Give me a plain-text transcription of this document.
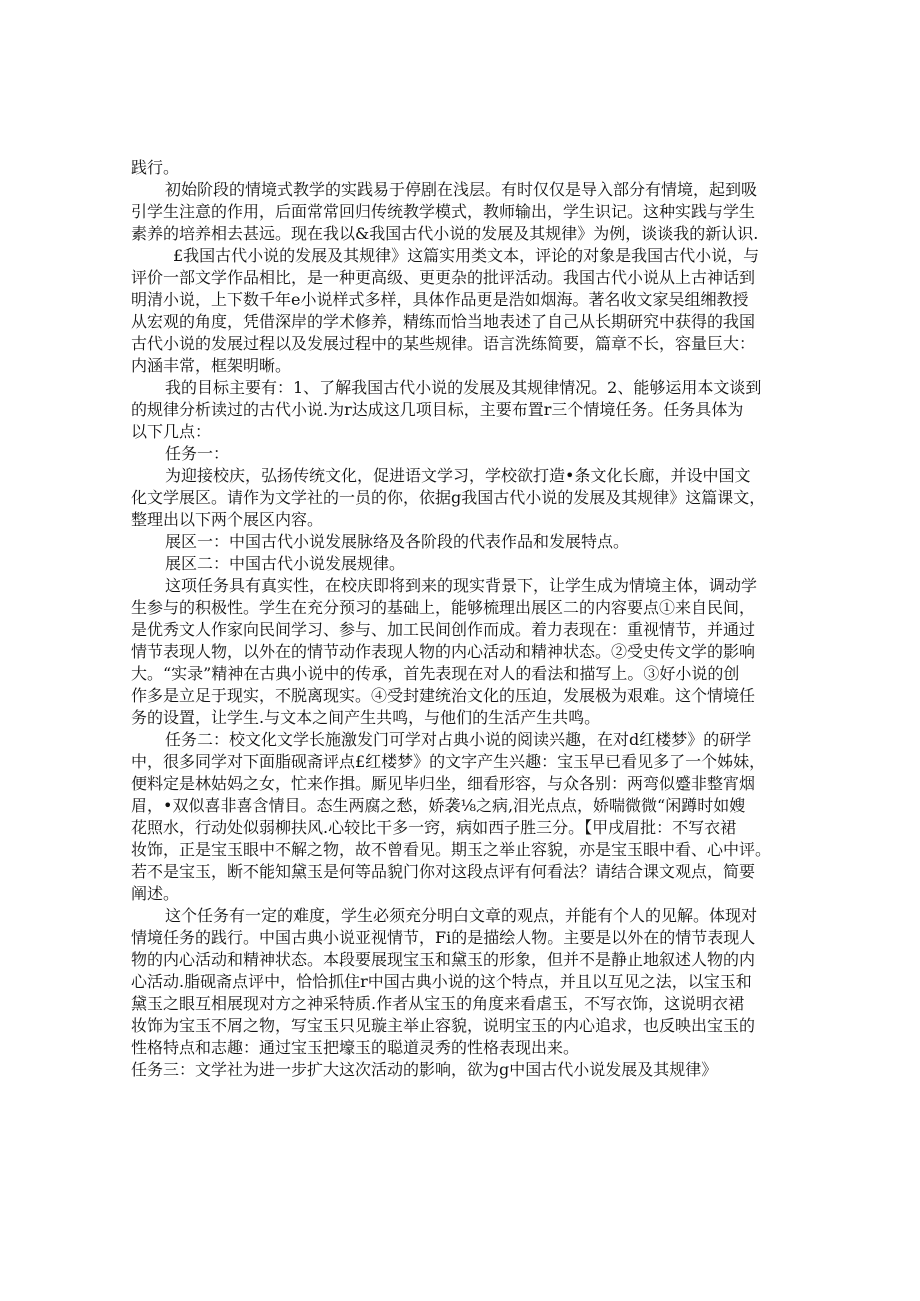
践行。
初始阶段的情境式教学的实践易于停剧在浅层。有时仅仅是导入部分有情境，起到吸
引学生注意的作用，后面常常回归传统教学模式，教师输出，学生识记。这种实践与学生
素养的培养相去甚远。现在我以&我国古代小说的发展及其规律》为例，谈谈我的新认识.
£我国古代小说的发展及其规律》这篇实用类文本，评论的对象是我国古代小说，与
评价一部文学作品相比，是一种更高级、更更杂的批评活动。我国古代小说从上古神话到
明清小说，上下数千年e小说样式多样，具体作品更是浩如烟海。著名收文家吴组缃教授
从宏观的角度，凭借深岸的学术修养，精练而恰当地表述了自己从长期研究中获得的我国
古代小说的发展过程以及发展过程中的某些规律。语言洗练简要，篇章不长，容量巨大：
内涵丰常，框架明晰。
我的目标主要有：1、了解我国古代小说的发展及其规律情况。2、能够运用本文谈到
的规律分析读过的古代小说.为r达成这几项目标，主要布置r三个情境任务。任务具体为
以下几点：
任务一：
为迎接校庆，弘扬传统文化，促进语文学习，学校欲打造•条文化长廊，并设中国文
化文学展区。请作为文学社的一员的你，依据g我国古代小说的发展及其规律》这篇课文，
整理出以下两个展区内容。
展区一：中国古代小说发展脉络及各阶段的代表作品和发展特点。
展区二：中国古代小说发展规律。
这项任务具有真实性，在校庆即将到来的现实背景下，让学生成为情境主体，调动学
生参与的积极性。学生在充分预习的基础上，能够梳理出展区二的内容要点①来自民间，
是优秀文人作家向民间学习、参与、加工民间创作而成。着力表现在：重视情节，并通过
情节表现人物，以外在的情节动作表现人物的内心活动和精神状态。②受史传文学的影响
大。“实录”精神在古典小说中的传承，首先表现在对人的看法和描写上。③好小说的创
作多是立足于现实，不脱离现实。④受封建统治文化的压迫，发展极为艰难。这个情境任
务的设置，让学生.与文本之间产生共鸣，与他们的生活产生共鸣。
任务二：校文化文学长施激发门可学对占典小说的阅读兴趣，在对d红楼梦》的研学
中，很多同学对下面脂砚斋评点£红楼梦》的文字产生兴趣：宝玉早已看见多了一个姊妹，
便料定是林姑妈之女，忙来作揖。厮见毕归坐，细看形容，与众各别：两弯似蹙非整宵烟
眉，•双似喜非喜含情目。态生两腐之愁，娇袭⅛之病,泪光点点，娇喘微微“闲蹲时如嫂
花照水，行动处似弱柳扶风.心较比干多一窍，病如西子胜三分。【甲戌眉批：不写衣裙
妆饰，正是宝玉眼中不解之物，故不曾看见。期玉之举止容貌，亦是宝玉眼中看、心中评。
若不是宝玉，断不能知黛玉是何等品貌门你对这段点评有何看法？请结合课文观点，简要
阐述。
这个任务有一定的难度，学生必须充分明白文章的观点，并能有个人的见解。体现对
情境任务的践行。中国古典小说亚视情节，Fi的是描绘人物。主要是以外在的情节表现人
物的内心活动和精神状态。本段要展现宝玉和黛玉的形象，但并不是静止地叙述人物的内
心活动.脂砚斋点评中，恰恰抓住r中国古典小说的这个特点，并且以互见之法，以宝玉和
黛玉之眼互相展现对方之神采特质.作者从宝玉的角度来看虐玉，不写衣饰，这说明衣裙
妆饰为宝玉不屑之物，写宝玉只见璇主举止容貌，说明宝玉的内心追求，也反映出宝玉的
性格特点和志趣：通过宝玉把壕玉的聪道灵秀的性格表现出来。
任务三：文学社为进一步扩大这次活动的影响，欲为g中国古代小说发展及其规律》
